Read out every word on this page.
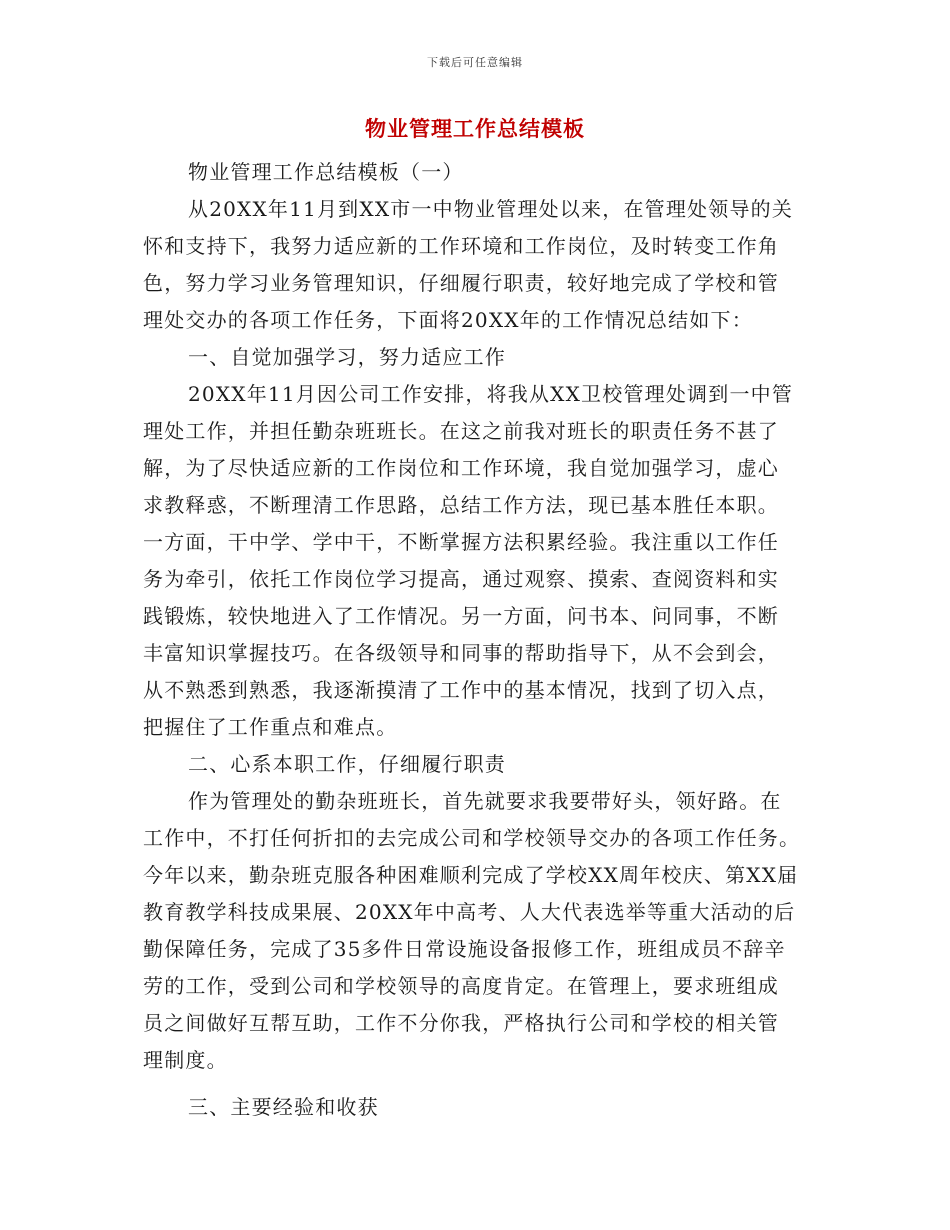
下载后可任意编辑
物业管理工作总结模板
物业管理工作总结模板（一）
从20XX年11月到XX市一中物业管理处以来，在管理处领导的关
怀和支持下，我努力适应新的工作环境和工作岗位，及时转变工作角
色，努力学习业务管理知识，仔细履行职责，较好地完成了学校和管
理处交办的各项工作任务，下面将20XX年的工作情况总结如下：
一、自觉加强学习，努力适应工作
20XX年11月因公司工作安排，将我从XX卫校管理处调到一中管
理处工作，并担任勤杂班班长。在这之前我对班长的职责任务不甚了
解，为了尽快适应新的工作岗位和工作环境，我自觉加强学习，虚心
求教释惑，不断理清工作思路，总结工作方法，现已基本胜任本职。
一方面，干中学、学中干，不断掌握方法积累经验。我注重以工作任
务为牵引，依托工作岗位学习提高，通过观察、摸索、查阅资料和实
践锻炼，较快地进入了工作情况。另一方面，问书本、问同事，不断
丰富知识掌握技巧。在各级领导和同事的帮助指导下，从不会到会，
从不熟悉到熟悉，我逐渐摸清了工作中的基本情况，找到了切入点，
把握住了工作重点和难点。
二、心系本职工作，仔细履行职责
作为管理处的勤杂班班长，首先就要求我要带好头，领好路。在
工作中，不打任何折扣的去完成公司和学校领导交办的各项工作任务。
今年以来，勤杂班克服各种困难顺利完成了学校XX周年校庆、第XX届
教育教学科技成果展、20XX年中高考、人大代表选举等重大活动的后
勤保障任务，完成了35多件日常设施设备报修工作，班组成员不辞辛
劳的工作，受到公司和学校领导的高度肯定。在管理上，要求班组成
员之间做好互帮互助，工作不分你我，严格执行公司和学校的相关管
理制度。
三、主要经验和收获
